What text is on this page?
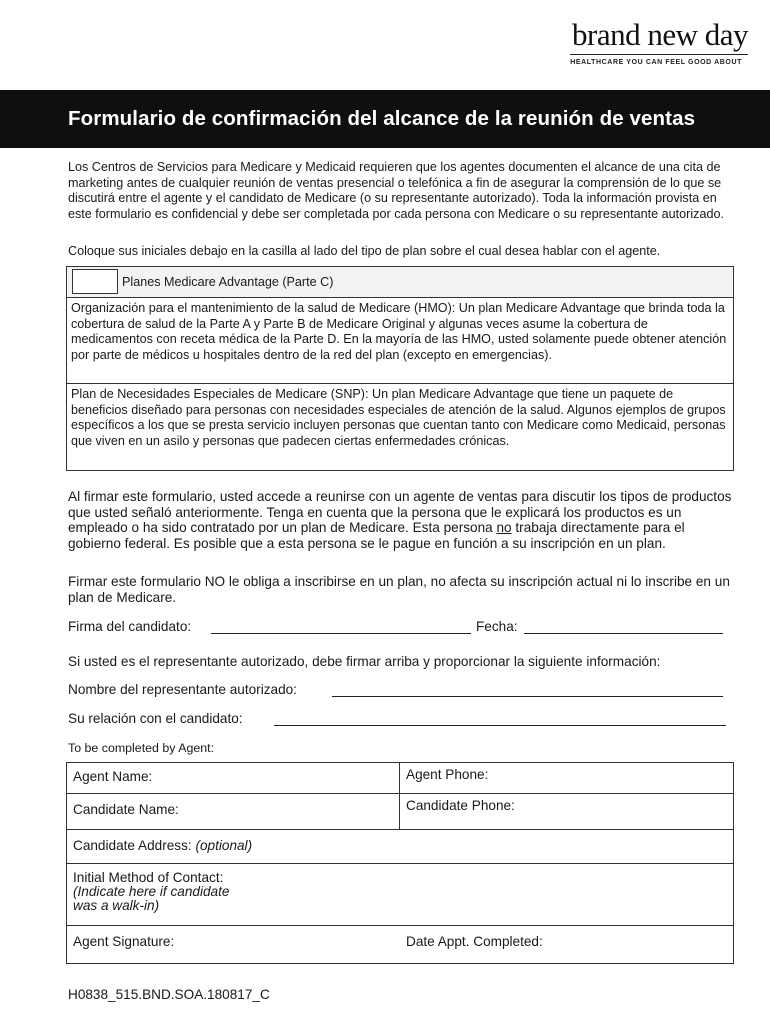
brand new day
HEALTHCARE YOU CAN FEEL GOOD ABOUT
Formulario de confirmación del alcance de la reunión de ventas

Los Centros de Servicios para Medicare y Medicaid requieren que los agentes documenten el alcance de una cita de marketing antes de cualquier reunión de ventas presencial o telefónica a fin de asegurar la comprensión de lo que se discutirá entre el agente y el candidato de Medicare (o su representante autorizado). Toda la información provista en este formulario es confidencial y debe ser completada por cada persona con Medicare o su representante autorizado.

Coloque sus iniciales debajo en la casilla al lado del tipo de plan sobre el cual desea hablar con el agente.

Planes Medicare Advantage (Parte C)

Organización para el mantenimiento de la salud de Medicare (HMO): Un plan Medicare Advantage que brinda toda la cobertura de salud de la Parte A y Parte B de Medicare Original y algunas veces asume la cobertura de medicamentos con receta médica de la Parte D. En la mayoría de las HMO, usted solamente puede obtener atención por parte de médicos u hospitales dentro de la red del plan (excepto en emergencias).

Plan de Necesidades Especiales de Medicare (SNP): Un plan Medicare Advantage que tiene un paquete de beneficios diseñado para personas con necesidades especiales de atención de la salud. Algunos ejemplos de grupos específicos a los que se presta servicio incluyen personas que cuentan tanto con Medicare como Medicaid, personas que viven en un asilo y personas que padecen ciertas enfermedades crónicas.

Al firmar este formulario, usted accede a reunirse con un agente de ventas para discutir los tipos de productos que usted señaló anteriormente. Tenga en cuenta que la persona que le explicará los productos es un empleado o ha sido contratado por un plan de Medicare. Esta persona no trabaja directamente para el gobierno federal. Es posible que a esta persona se le pague en función a su inscripción en un plan.

Firmar este formulario NO le obliga a inscribirse en un plan, no afecta su inscripción actual ni lo inscribe en un plan de Medicare.

Firma del candidato:	Fecha:
Si usted es el representante autorizado, debe firmar arriba y proporcionar la siguiente información:
Nombre del representante autorizado:
Su relación con el candidato:
To be completed by Agent:
Agent Name:	Agent Phone:
Candidate Name:	Candidate Phone:
Candidate Address: (optional)
Initial Method of Contact:
(Indicate here if candidate
was a walk-in)
Agent Signature:	Date Appt. Completed:
H0838_515.BND.SOA.180817_C
